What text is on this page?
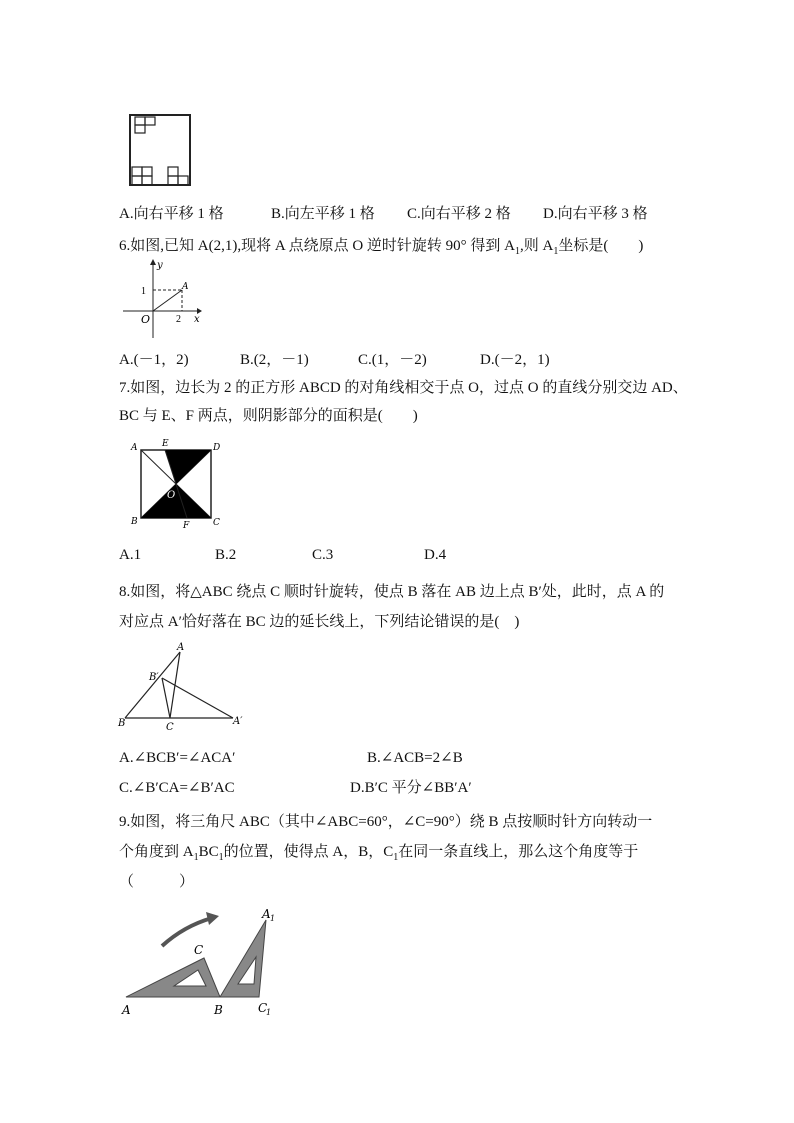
A.向右平移 1 格	B.向左平移 1 格 C.向右平移 2 格 D.向右平移 3 格
6.如图,已知 A(2,1),现将 A 点绕原点 O 逆时针旋转 90° 得到 $A_1$,则 $A_1$坐标是(　　)
y
x
O
1
2
A
A.(－1，2)	B.(2，－1)	C.(1，－2)	D.(－2，1)
7.如图，边长为 2 的正方形 ABCD 的对角线相交于点 O，过点 O 的直线分别交边 AD、
BC 与 E、F 两点，则阴影部分的面积是(　　)
A	E	D
O
B	F	C
A.1	B.2	C.3	D.4
8.如图，将△ABC 绕点 C 顺时针旋转，使点 B 落在 AB 边上点 B′处，此时，点 A 的
对应点 A′恰好落在 BC 边的延长线上，下列结论错误的是(　)
A
B′
B	C
A′
A.∠BCB′=∠ACA′	B.∠ACB=2∠B
C.∠B′CA=∠B′AC	D.B′C 平分∠BB′A′
9.如图，将三角尺 ABC（其中∠ABC=60°，∠C=90°）绕 B 点按顺时针方向转动一
个角度到 $A_1BC_1$的位置，使得点 A，B，$C_1$在同一条直线上，那么这个角度等于
（　　　）
A 1
C
A	B	C
1
